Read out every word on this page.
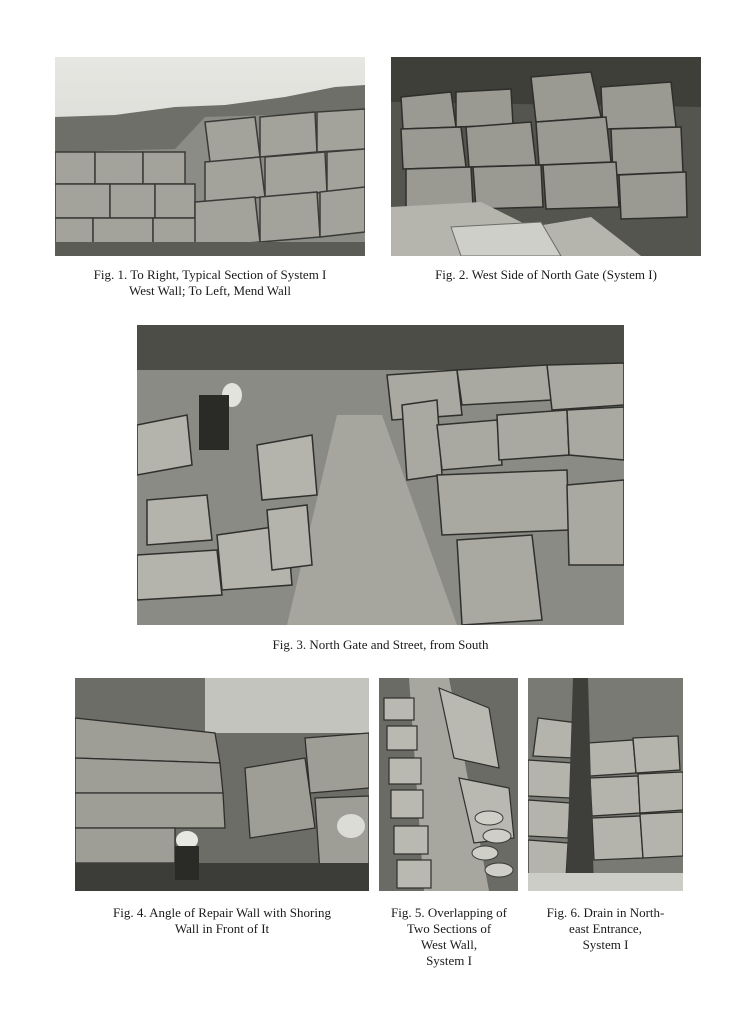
Fig. 1. To Right, Typical Section of System I
West Wall; To Left, Mend Wall
Fig. 2. West Side of North Gate (System I)
Fig. 3. North Gate and Street, from South
Fig. 4. Angle of Repair Wall with Shoring
Wall in Front of It
Fig. 5. Overlapping of
Two Sections of
West Wall,
System I
Fig. 6. Drain in North-
east Entrance,
System I
